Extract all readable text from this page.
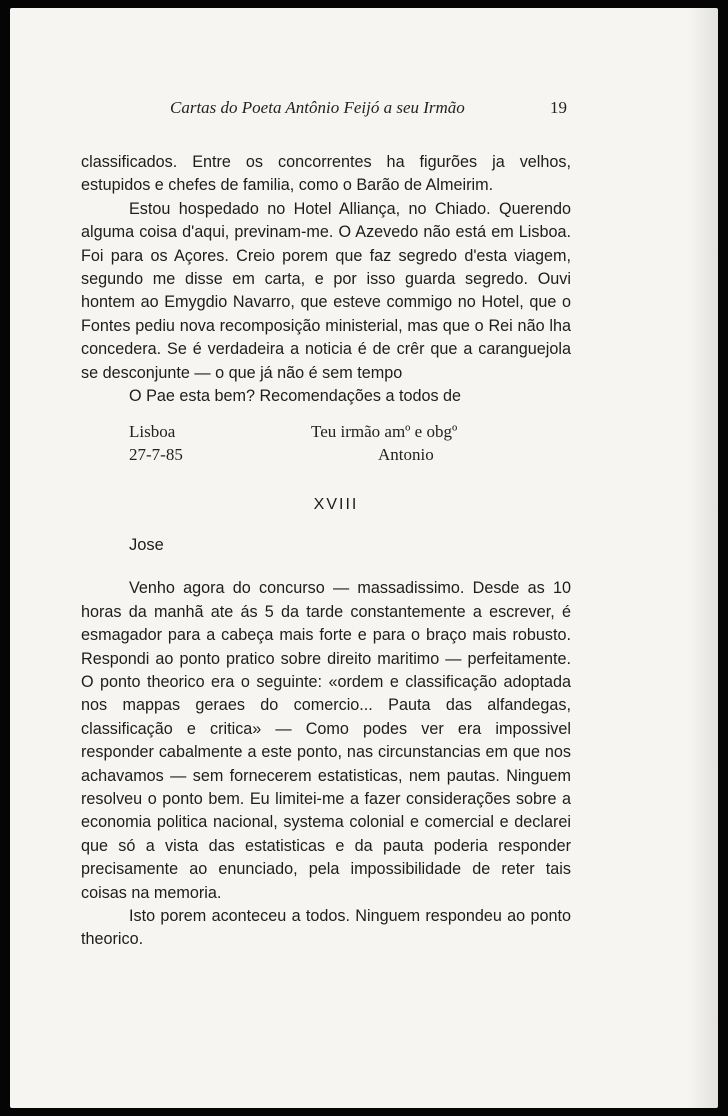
Cartas do Poeta Antônio Feijó a seu Irmão	19

classificados. Entre os concorrentes ha figurões ja velhos, estupidos e chefes de familia, como o Barão de Almeirim.

Estou hospedado no Hotel Alliança, no Chiado. Querendo alguma coisa d'aqui, previnam-me. O Azevedo não está em Lisboa. Foi para os Açores. Creio porem que faz segredo d'esta viagem, segundo me disse em carta, e por isso guarda segredo. Ouvi hontem ao Emygdio Navarro, que esteve commigo no Hotel, que o Fontes pediu nova recomposição ministerial, mas que o Rei não lha concedera. Se é verdadeira a noticia é de crêr que a caranguejola se desconjunte — o que já não é sem tempo

O Pae esta bem? Recomendações a todos de

Lisboa
27-7-85
Teu irmão amº e obgº
Antonio
XVIII
Jose

Venho agora do concurso — massadissimo. Desde as 10 horas da manhã ate ás 5 da tarde constantemente a escrever, é esmagador para a cabeça mais forte e para o braço mais robusto. Respondi ao ponto pratico sobre direito maritimo — perfeitamente. O ponto theorico era o seguinte: «ordem e classificação adoptada nos mappas geraes do comercio... Pauta das alfandegas, classificação e critica» — Como podes ver era impossivel responder cabalmente a este ponto, nas circunstancias em que nos achavamos — sem fornecerem estatisticas, nem pautas. Ninguem resolveu o ponto bem. Eu limitei-me a fazer considerações sobre a economia politica nacional, systema colonial e comercial e declarei que só a vista das estatisticas e da pauta poderia responder precisamente ao enunciado, pela impossibilidade de reter tais coisas na memoria.

Isto porem aconteceu a todos. Ninguem respondeu ao ponto theorico.
